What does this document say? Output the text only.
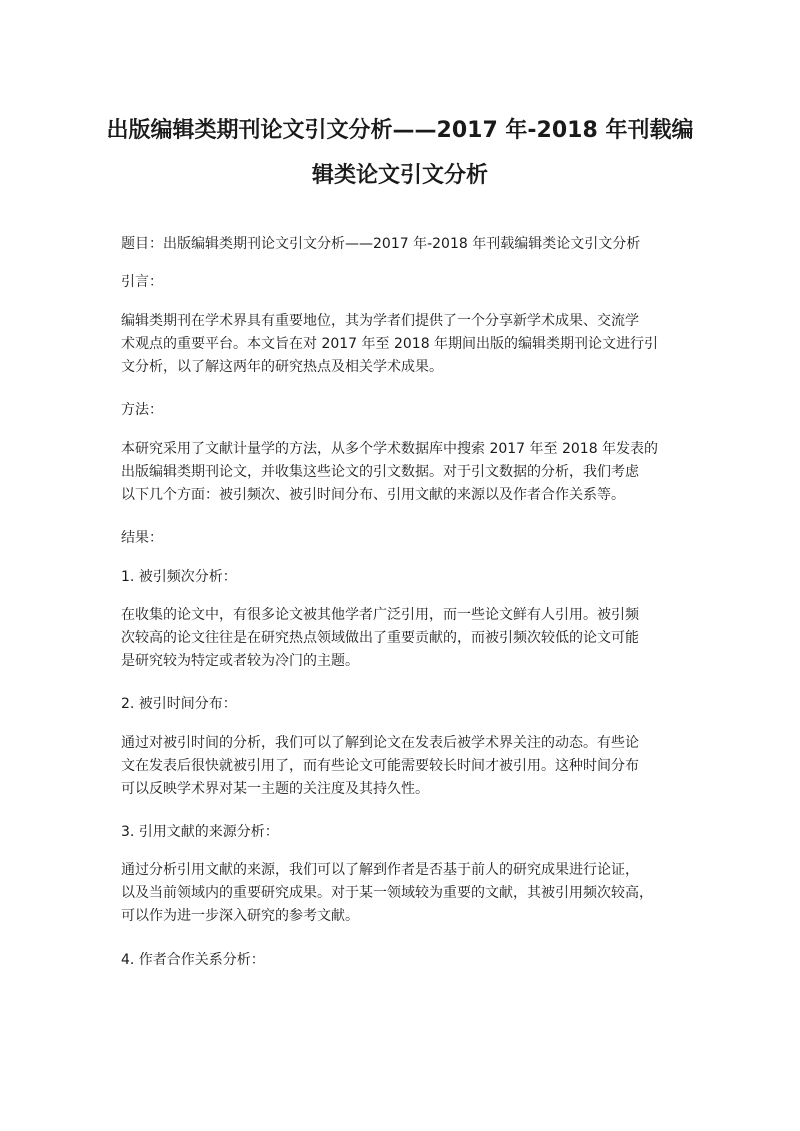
出版编辑类期刊论文引文分析——2017 年-2018 年刊载编
辑类论文引文分析
题目：出版编辑类期刊论文引文分析——2017 年-2018 年刊载编辑类论文引文分析
引言：
编辑类期刊在学术界具有重要地位，其为学者们提供了一个分享新学术成果、交流学
术观点的重要平台。本文旨在对 2017 年至 2018 年期间出版的编辑类期刊论文进行引
文分析，以了解这两年的研究热点及相关学术成果。
方法：
本研究采用了文献计量学的方法，从多个学术数据库中搜索 2017 年至 2018 年发表的
出版编辑类期刊论文，并收集这些论文的引文数据。对于引文数据的分析，我们考虑
以下几个方面：被引频次、被引时间分布、引用文献的来源以及作者合作关系等。
结果：
1. 被引频次分析：
在收集的论文中，有很多论文被其他学者广泛引用，而一些论文鲜有人引用。被引频
次较高的论文往往是在研究热点领域做出了重要贡献的，而被引频次较低的论文可能
是研究较为特定或者较为冷门的主题。
2. 被引时间分布：
通过对被引时间的分析，我们可以了解到论文在发表后被学术界关注的动态。有些论
文在发表后很快就被引用了，而有些论文可能需要较长时间才被引用。这种时间分布
可以反映学术界对某一主题的关注度及其持久性。
3. 引用文献的来源分析：
通过分析引用文献的来源，我们可以了解到作者是否基于前人的研究成果进行论证，
以及当前领域内的重要研究成果。对于某一领域较为重要的文献，其被引用频次较高，
可以作为进一步深入研究的参考文献。
4. 作者合作关系分析：
